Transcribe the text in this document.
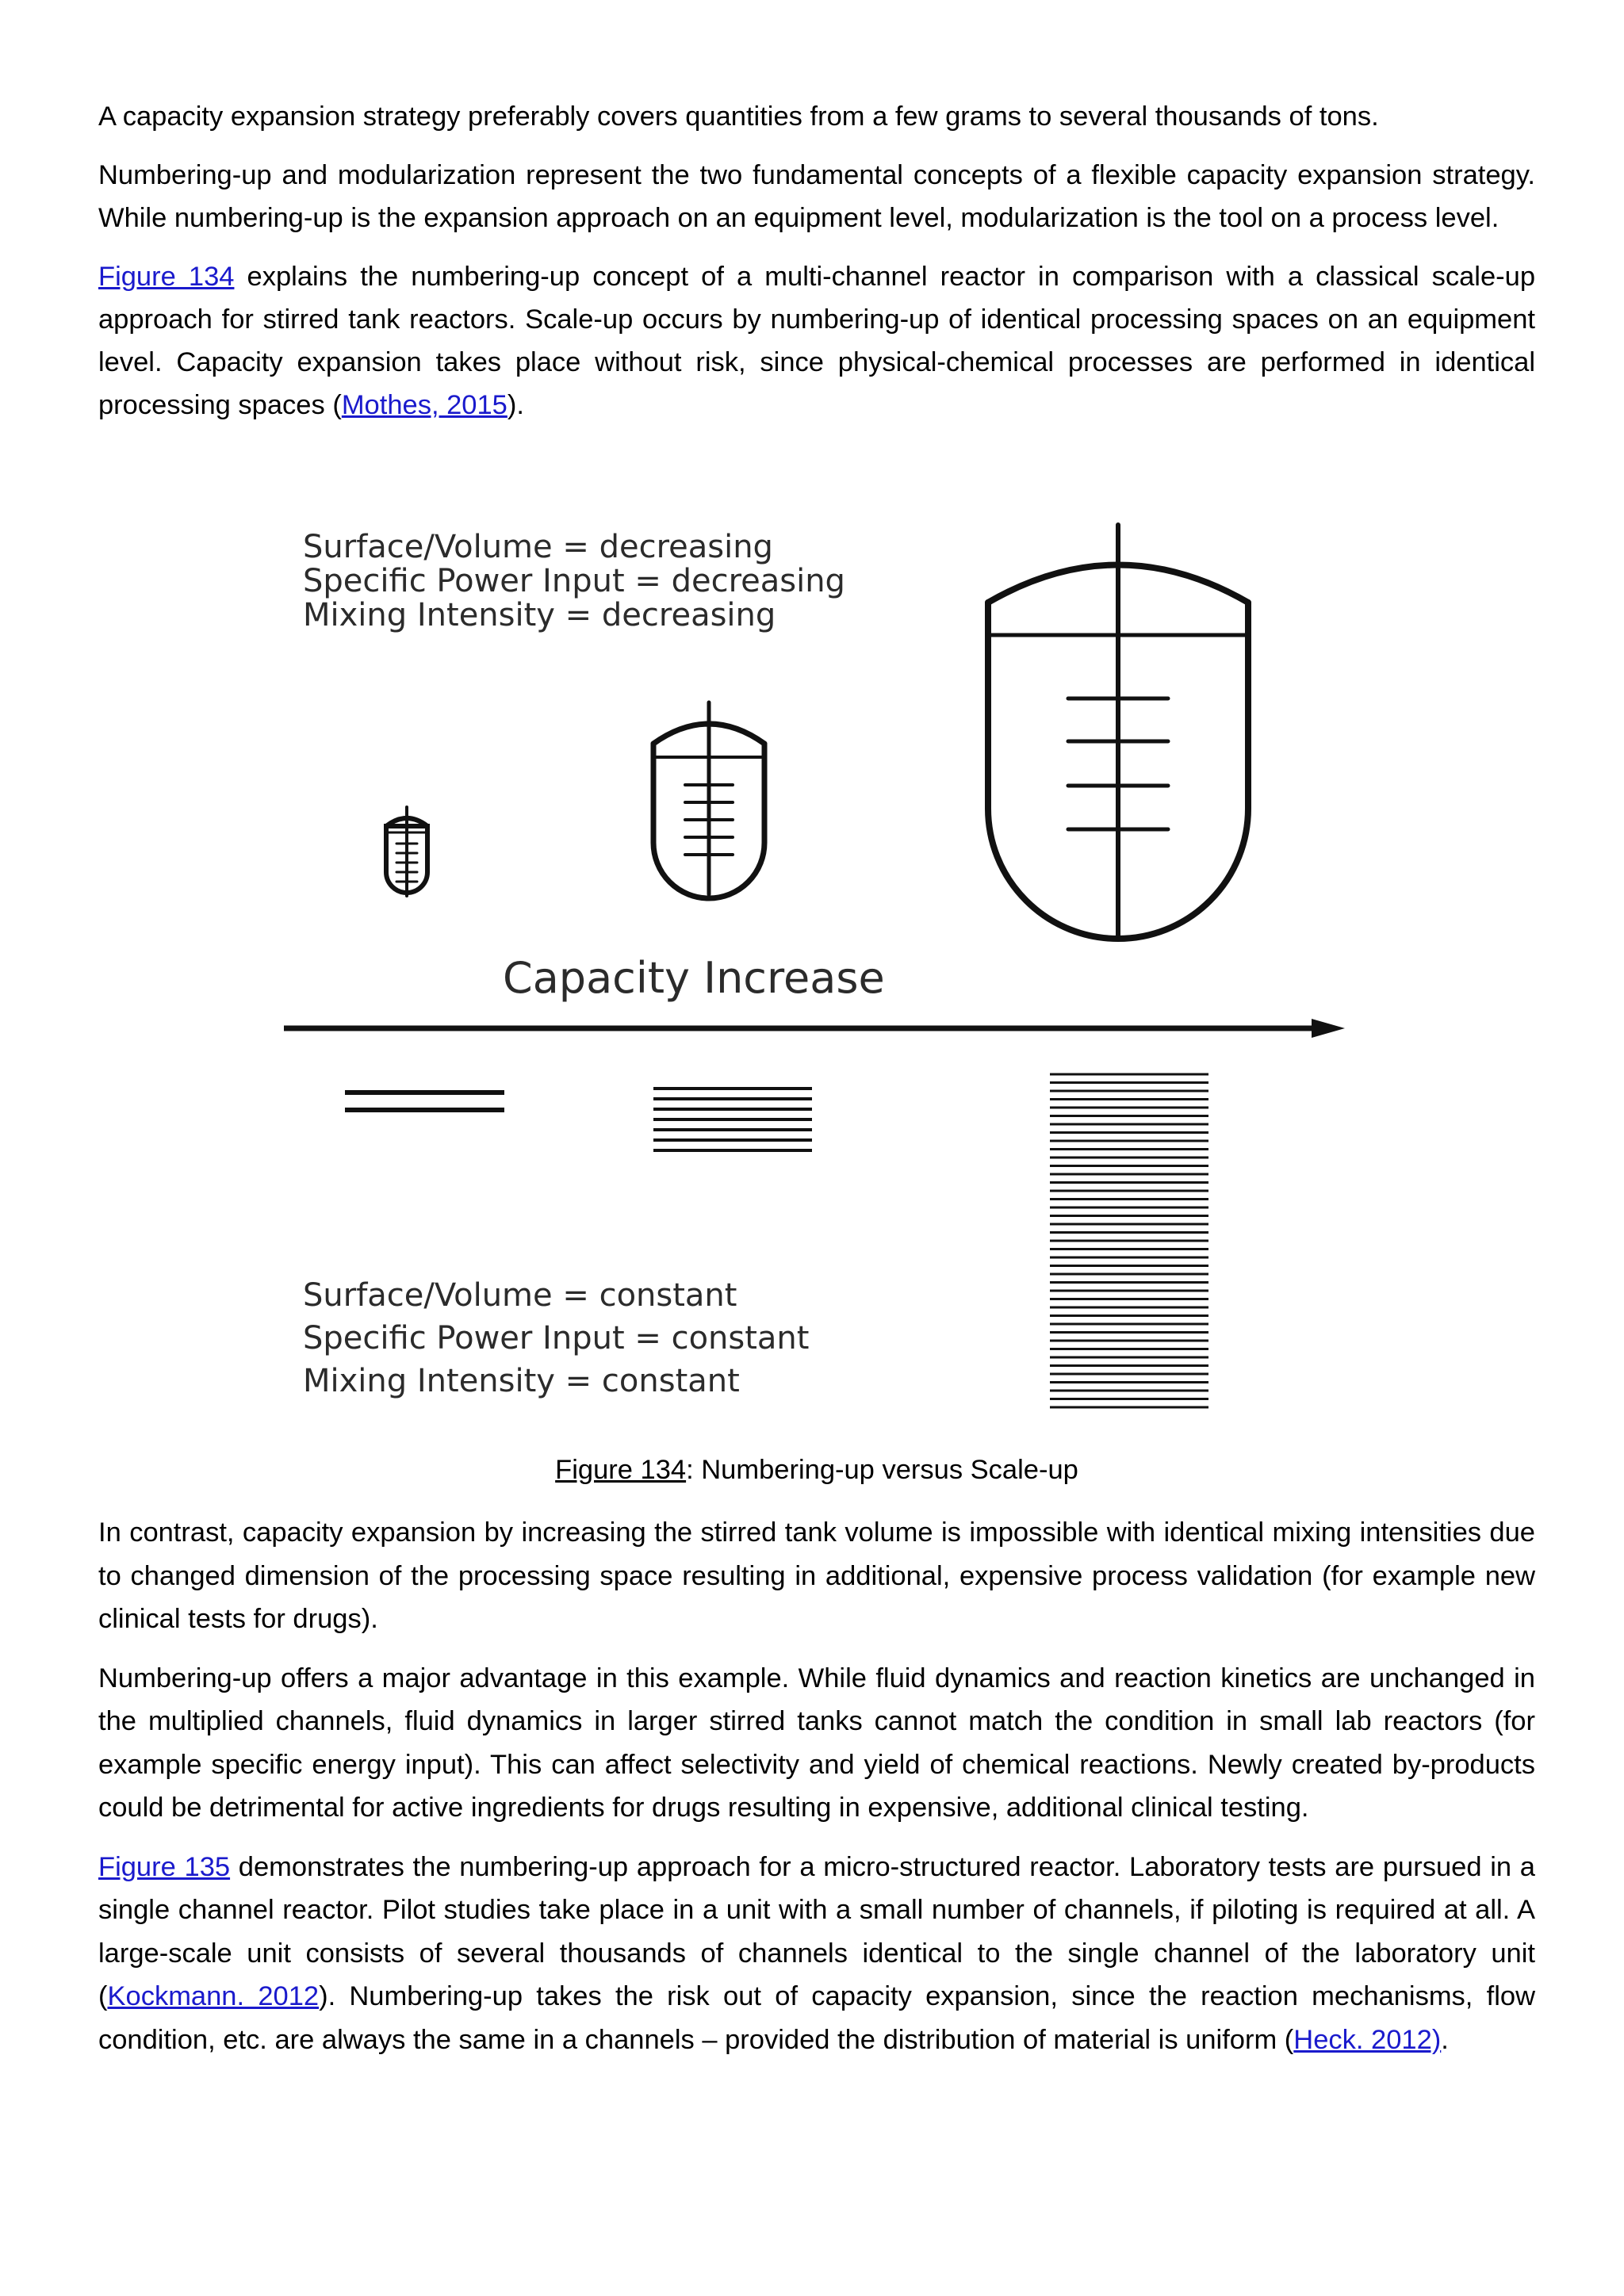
A capacity expansion strategy preferably covers quantities from a few grams to several thousands of tons.

Numbering-up and modularization represent the two fundamental concepts of a flexible capacity expansion strategy. While numbering-up is the expansion approach on an equipment level, modularization is the tool on a process level.

Figure 134 explains the numbering-up concept of a multi-channel reactor in comparison with a classical scale-up approach for stirred tank reactors. Scale-up occurs by numbering-up of identical processing spaces on an equipment level. Capacity expansion takes place without risk, since physical-chemical processes are performed in identical processing spaces (Mothes, 2015).

Surface/Volume = decreasing
Specific Power Input = decreasing
Mixing Intensity = decreasing
Capacity Increase
Surface/Volume = constant
Specific Power Input = constant
Mixing Intensity = constant
Figure 134: Numbering-up versus Scale-up

In contrast, capacity expansion by increasing the stirred tank volume is impossible with identical mixing intensities due to changed dimension of the processing space resulting in additional, expensive process validation (for example new clinical tests for drugs).

Numbering-up offers a major advantage in this example. While fluid dynamics and reaction kinetics are unchanged in the multiplied channels, fluid dynamics in larger stirred tanks cannot match the condition in small lab reactors (for example specific energy input). This can affect selectivity and yield of chemical reactions. Newly created by-products could be detrimental for active ingredients for drugs resulting in expensive, additional clinical testing.

Figure 135 demonstrates the numbering-up approach for a micro-structured reactor. Laboratory tests are pursued in a single channel reactor. Pilot studies take place in a unit with a small number of channels, if piloting is required at all. A large-scale unit consists of several thousands of channels identical to the single channel of the laboratory unit (Kockmann. 2012). Numbering-up takes the risk out of capacity expansion, since the reaction mechanisms, flow condition, etc. are always the same in a channels – provided the distribution of material is uniform (Heck. 2012).
